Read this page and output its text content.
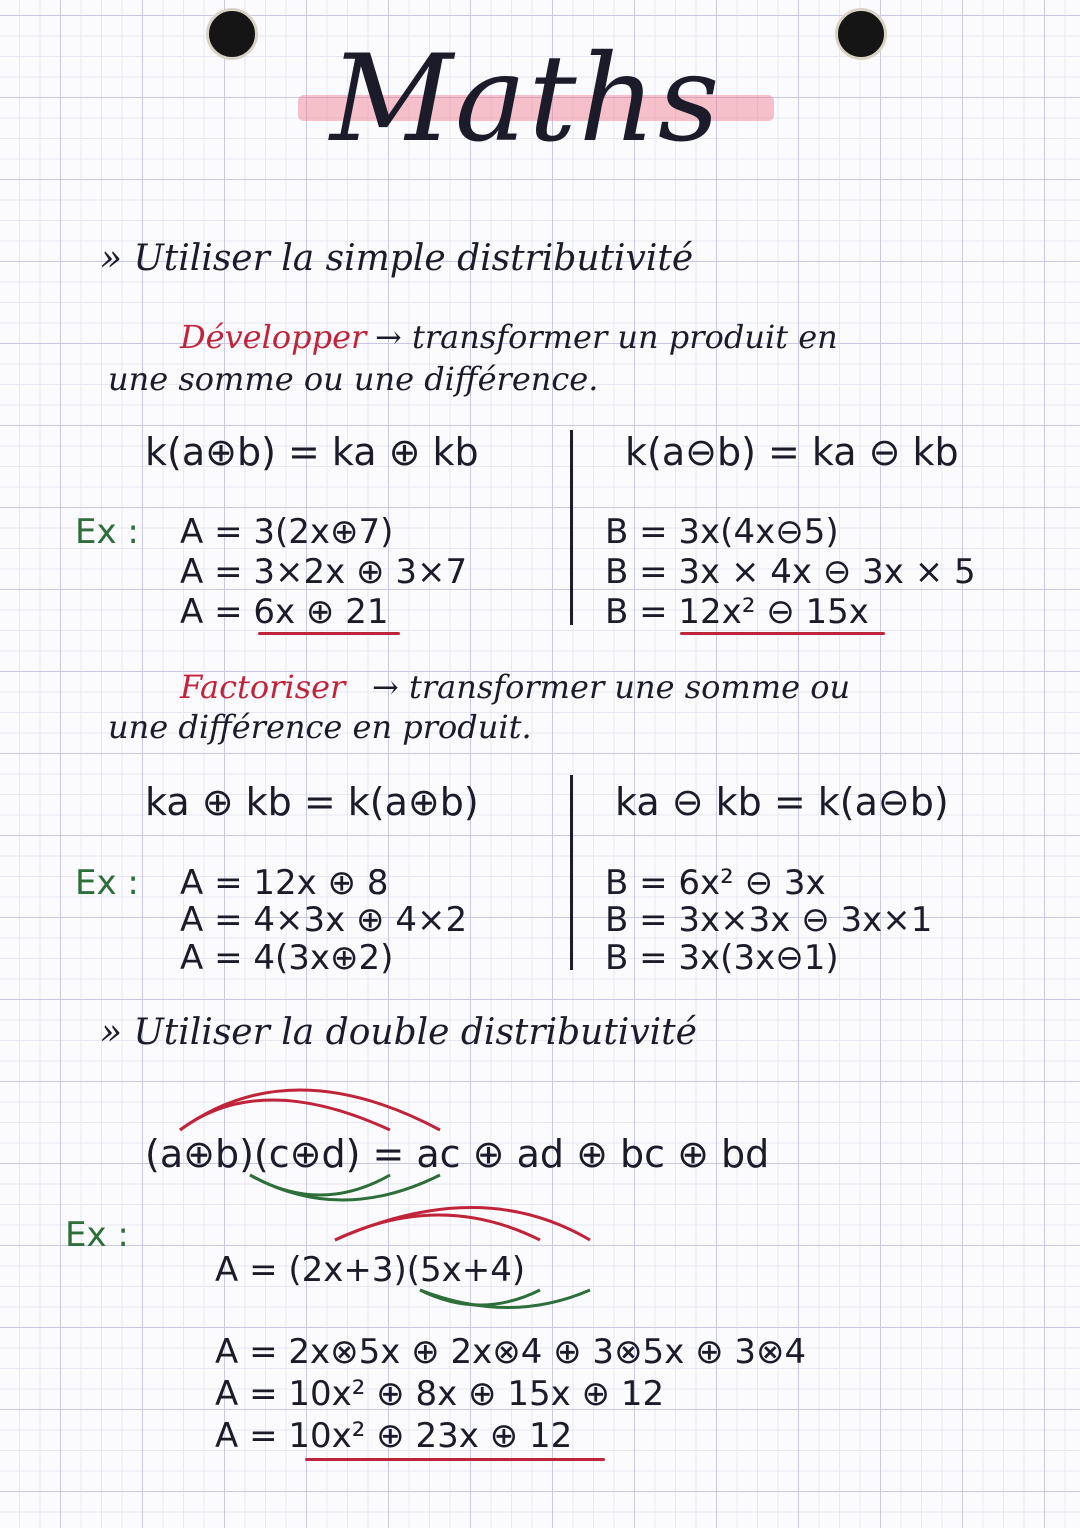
Maths
» Utiliser la simple distributivité
Développer → transformer un produit en
une somme ou une différence.
k(a⊕b) = ka ⊕ kb	k(a⊖b) = ka ⊖ kb
Ex : A = 3(2x⊕7)
A = 3×2x ⊕ 3×7
A = 6x ⊕ 21
B = 3x(4x⊖5)
B = 3x × 4x ⊖ 3x × 5
B = 12x² ⊖ 15x
Factoriser → transformer une somme ou
une différence en produit.
ka ⊕ kb = k(a⊕b)	ka ⊖ kb = k(a⊖b)
Ex : A = 12x ⊕ 8
A = 4×3x ⊕ 4×2
A = 4(3x⊕2)
B = 6x² ⊖ 3x
B = 3x×3x ⊖ 3x×1
B = 3x(3x⊖1)
» Utiliser la double distributivité
(a⊕b)(c⊕d) = ac ⊕ ad ⊕ bc ⊕ bd
Ex :
A = (2x+3)(5x+4)
A = 2x⊗5x ⊕ 2x⊗4 ⊕ 3⊗5x ⊕ 3⊗4
A = 10x² ⊕ 8x ⊕ 15x ⊕ 12
A = 10x² ⊕ 23x ⊕ 12
